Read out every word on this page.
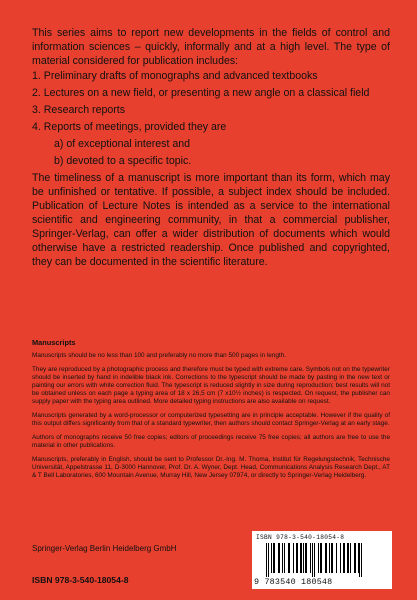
This series aims to report new developments in the fields of control and information sciences – quickly, informally and at a high level. The type of material considered for publication includes:

1. Preliminary drafts of monographs and advanced textbooks
2. Lectures on a new field, or presenting a new angle on a classical field
3. Research reports
4. Reports of meetings, provided they are
a) of exceptional interest and
b) devoted to a specific topic.

The timeliness of a manuscript is more important than its form, which may be unfinished or tentative. If possible, a subject index should be included. Publication of Lecture Notes is intended as a service to the international scientific and engineering community, in that a commercial publisher, Springer-Verlag, can offer a wider distribution of documents which would otherwise have a restricted readership. Once published and copyrighted, they can be documented in the scientific literature.

Manuscripts

Manuscripts should be no less than 100 and preferably no more than 500 pages in length.

They are reproduced by a photographic process and therefore must be typed with extreme care. Symbols not on the typewriter should be inserted by hand in indelible black ink. Corrections to the typescript should be made by pasting in the new text or painting our errors with white correction fluid. The typescript is reduced slightly in size during reproduction; best results will not be obtained unless on each page a typing area of 18 x 26,5 cm (7 x10½ inches) is respected. On request, the publisher can supply paper with the typing area outlined. More detailed typing instructions are also available on request.

Manuscripts generated by a word-processor or computerized typesetting are in principle acceptable. However if the quality of this output differs significantly from that of a standard typewriter, then authors should contact Springer-Verlag at an early stage.

Authors of monographs receive 50 free copies; editors of proceedings receive 75 free copies; all authors are free to use the material in other publications.

Manuscripts, preferably in English, should be sent to Professor Dr.-Ing. M. Thoma, Institut für Regelungstechnik, Technische Universität, Appelstrasse 11, D-3000 Hannover, Prof. Dr. A. Wyner, Dept. Head, Communications Analysis Research Dept., AT & T Bell Laboratories, 600 Mountain Avenue, Murray Hill, New Jersey 07974, or directly to Springer-Verlag Heidelberg.

Springer-Verlag Berlin Heidelberg GmbH
ISBN 978-3-540-18054-8
ISBN 978-3-540-18054-8
9 783540 180548
